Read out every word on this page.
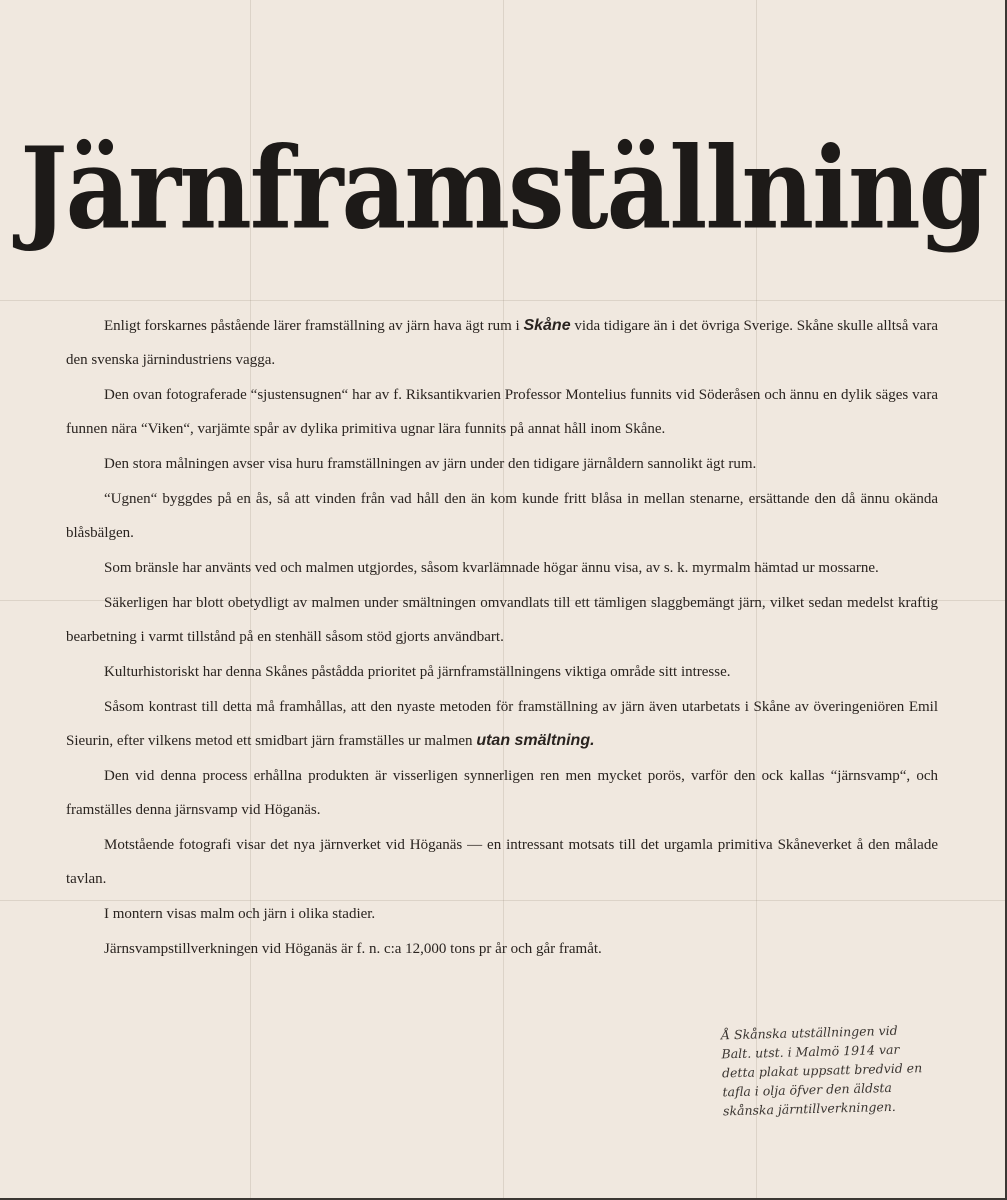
Järnframställning

Enligt forskarnes påstående lärer framställning av järn hava ägt rum i Skåne vida tidigare än i det övriga Sverige. Skåne skulle alltså vara den svenska järnindustriens vagga.

Den ovan fotograferade “sjustensugnen“ har av f. Riksantikvarien Professor Montelius funnits vid Söderåsen och ännu en dylik säges vara funnen nära “Viken“, varjämte spår av dylika primitiva ugnar lära funnits på annat håll inom Skåne.

Den stora målningen avser visa huru framställningen av järn under den tidigare järnåldern sannolikt ägt rum.

“Ugnen“ byggdes på en ås, så att vinden från vad håll den än kom kunde fritt blåsa in mellan stenarne, ersättande den då ännu okända blåsbälgen.

Som bränsle har använts ved och malmen utgjordes, såsom kvarlämnade högar ännu visa, av s. k. myrmalm hämtad ur mossarne.

Säkerligen har blott obetydligt av malmen under smältningen omvandlats till ett tämligen slaggbemängt järn, vilket sedan medelst kraftig bearbetning i varmt tillstånd på en stenhäll såsom stöd gjorts användbart.

Kulturhistoriskt har denna Skånes påstådda prioritet på järnframställningens viktiga område sitt intresse.

Såsom kontrast till detta må framhållas, att den nyaste metoden för framställning av järn även utarbetats i Skåne av överingeniören Emil Sieurin, efter vilkens metod ett smidbart järn framställes ur malmen utan smältning.

Den vid denna process erhållna produkten är visserligen synnerligen ren men mycket porös, varför den ock kallas “järnsvamp“, och framställes denna järnsvamp vid Höganäs.

Motstående fotografi visar det nya järnverket vid Höganäs — en intressant motsats till det urgamla primitiva Skåneverket å den målade tavlan.

I montern visas malm och järn i olika stadier.

Järnsvampstillverkningen vid Höganäs är f. n. c:a 12,000 tons pr år och går framåt.

Å Skånska utställningen vid
Balt. utst. i Malmö 1914 var
detta plakat uppsatt bredvid en
tafla i olja öfver den äldsta
skånska järntillverkningen.
